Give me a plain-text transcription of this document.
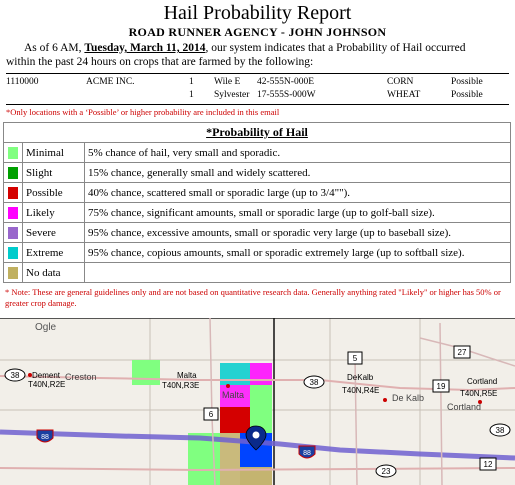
Hail Probability Report
ROAD RUNNER AGENCY - JOHN JOHNSON
As of 6 AM, Tuesday, March 11, 2014, our system indicates that a Probability of Hail occurred
within the past 24 hours on crops that are farmed by the following:
1110000	ACME INC.	1 Wile E 42-555N-000E	CORN	Possible
1 Sylvester 17-555S-000W	WHEAT	Possible
*Only locations with a ‘Possible’ or higher probability are included in this email
*Probability of Hail		

	Minimal	5% chance of hail, very small and sporadic.

	Slight	15% chance, generally small and widely scattered.

	Possible	40% chance, scattered small or sporadic large (up to 3/4"").

	Likely	75% chance, significant amounts, small or sporadic large (up to golf-ball size).

	Severe	95% chance, excessive amounts, small or sporadic very large (up to baseball size).

	Extreme	95% chance, copious amounts, small or sporadic extremely large (up to softball size).

	No data	
* Note: These are general guidelines only and are not based on quantitative research data. Generally anything rated "Likely" or higher has 50% or greater crop damage.
38
38
38
5
6
19
27
23
12
88
88
Ogle
Dement Creston
T40N,R2E
Malta
T40N,R3E
Malta
DeKalb
T40N,R4E
De Kalb
Cortland
T40N,R5E
Cortland
